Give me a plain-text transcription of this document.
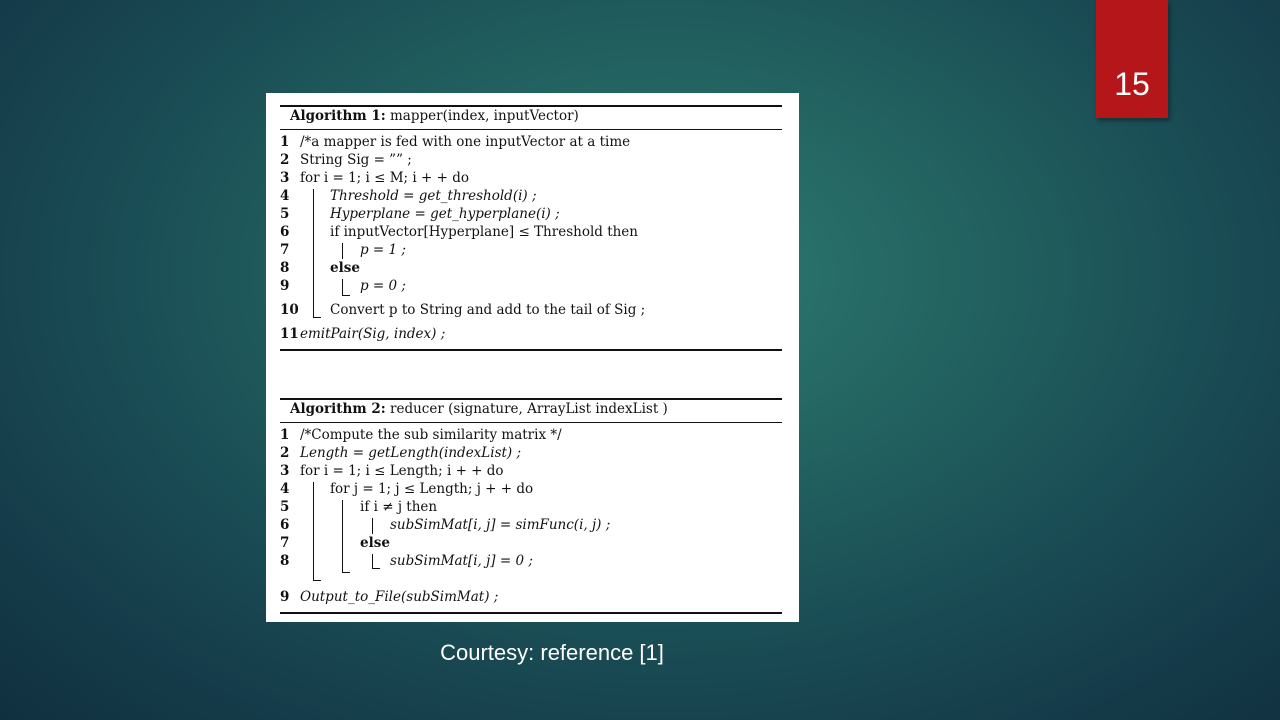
15
Algorithm 1: mapper(index, inputVector)
1 /*a mapper is fed with one inputVector at a time
2 String Sig = ”” ;
3 for i = 1; i ≤ M; i + + do
4	Threshold = get_threshold(i) ;
5	Hyperplane = get_hyperplane(i) ;
6	if inputVector[Hyperplane] ≤ Threshold then
7	p = 1 ;
8	else
9	p = 0 ;
10 Convert p to String and add to the tail of Sig ;
11 emitPair(Sig, index) ;
Algorithm 2: reducer (signature, ArrayList indexList )
1 /*Compute the sub similarity matrix */
2 Length = getLength(indexList) ;
3 for i = 1; i ≤ Length; i + + do
4	for j = 1; j ≤ Length; j + + do
5	if i ≠ j then
6	subSimMat[i, j] = simFunc(i, j) ;
7	else
8	subSimMat[i, j] = 0 ;
9 Output_to_File(subSimMat) ;
Courtesy: reference [1]
